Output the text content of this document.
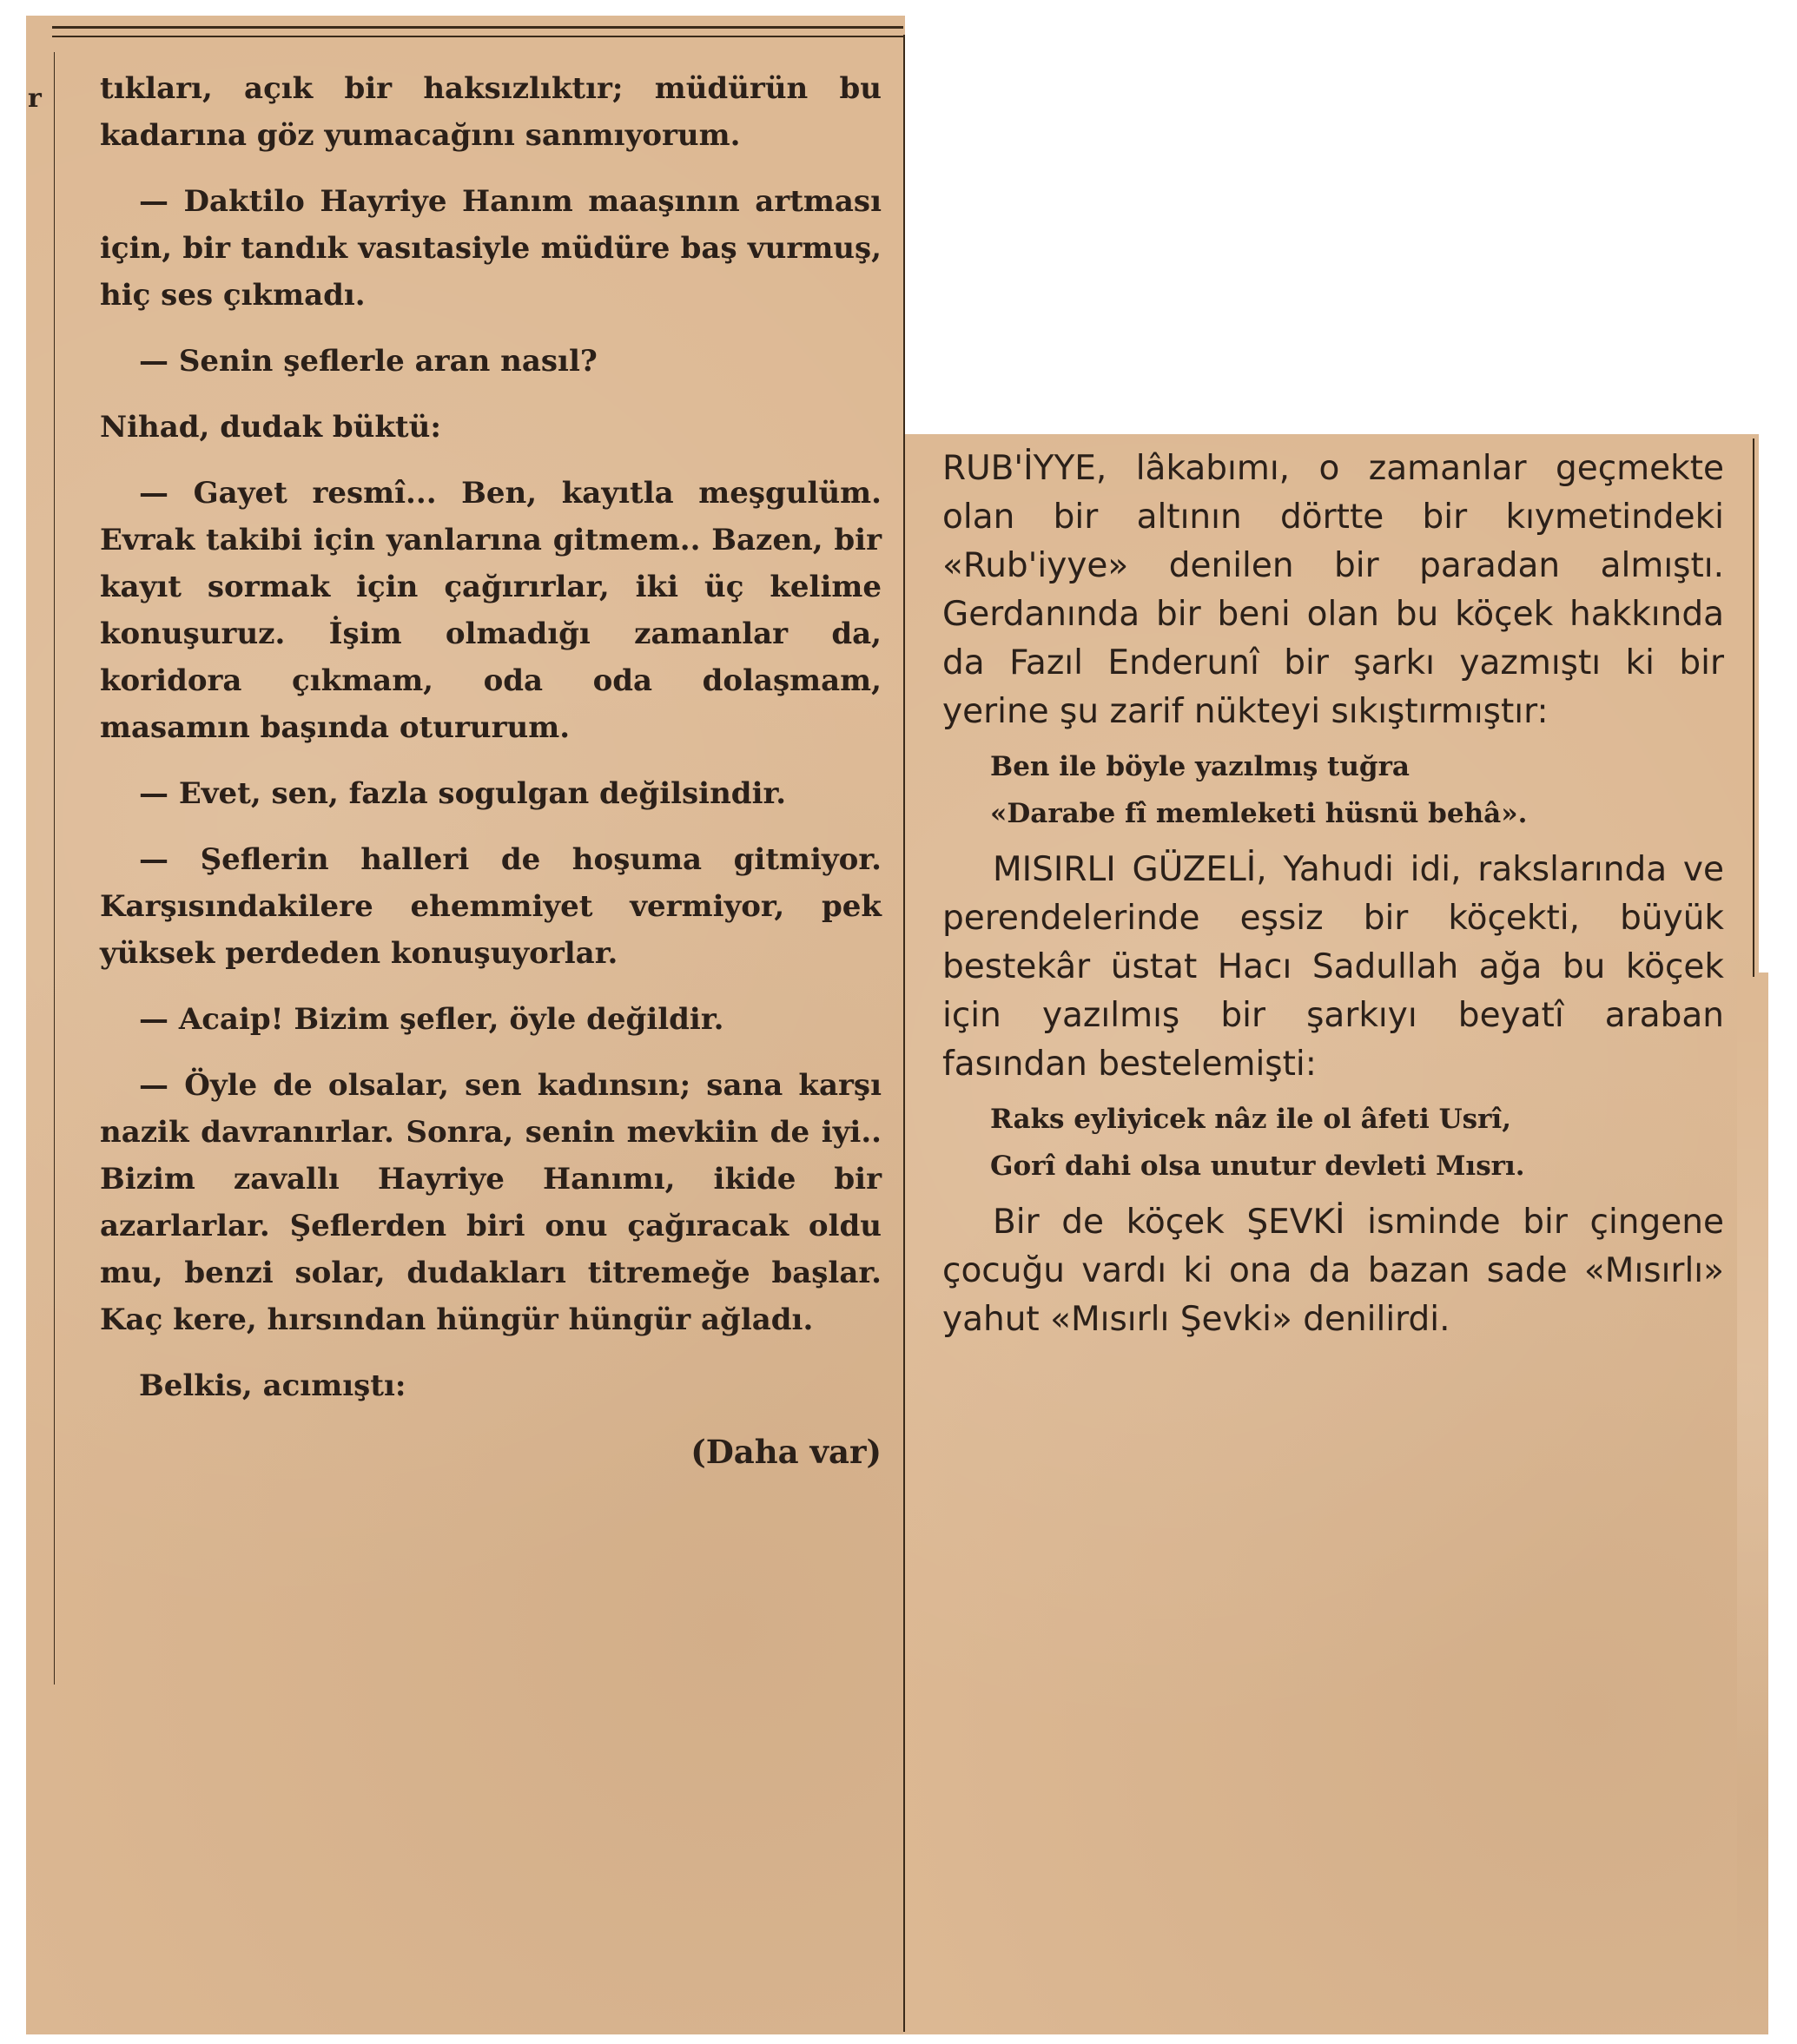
r tıkları, açık bir haksızlıktır; müdürün bu kadarına göz yumacağını sanmıyorum.

— Daktilo Hayriye Hanım maaşının artması için, bir tandık vasıtasiyle müdüre baş vurmuş, hiç ses çıkmadı.

— Senin şeflerle aran nasıl?

Nihad, dudak büktü:

— Gayet resmî... Ben, kayıtla meşgulüm. Evrak takibi için yanlarına gitmem.. Bazen, bir kayıt sormak için çağırırlar, iki üç kelime konuşuruz. İşim olmadığı zamanlar da, koridora çıkmam, oda oda dolaşmam, masamın başında otururum.

— Evet, sen, fazla sogulgan değilsindir.

— Şeflerin halleri de hoşuma gitmiyor. Karşısındakilere ehemmiyet vermiyor, pek yüksek perdeden konuşuyorlar.

— Acaip! Bizim şefler, öyle değildir.

— Öyle de olsalar, sen kadınsın; sana karşı nazik davranırlar. Sonra, senin mevkiin de iyi.. Bizim zavallı Hayriye Hanımı, ikide bir azarlarlar. Şeflerden biri onu çağıracak oldu mu, benzi solar, dudakları titremeğe başlar. Kaç kere, hırsından hüngür hüngür ağladı.

Belkis, acımıştı:

(Daha var)

RUB'İYYE, lâkabımı, o zamanlar geçmekte olan bir altının dörtte bir kıymetindeki «Rub'iyye» denilen bir paradan almıştı. Gerdanında bir beni olan bu köçek hakkında da Fazıl Enderunî bir şarkı yazmıştı ki bir yerine şu zarif nükteyi sıkıştırmıştır:

Ben ile böyle yazılmış tuğra
«Darabe fî memleketi hüsnü behâ».

MISIRLI GÜZELİ, Yahudi idi, rakslarında ve perendelerinde eşsiz bir köçekti, büyük bestekâr üstat Hacı Sadullah ağa bu köçek için yazılmış bir şarkıyı beyatî araban fasından bestelemişti:

Raks eyliyicek nâz ile ol âfeti Usrî,
Gorî dahi olsa unutur devleti Mısrı.

Bir de köçek ŞEVKİ isminde bir çingene çocuğu vardı ki ona da bazan sade «Mısırlı» yahut «Mısırlı Şevki» denilirdi.
